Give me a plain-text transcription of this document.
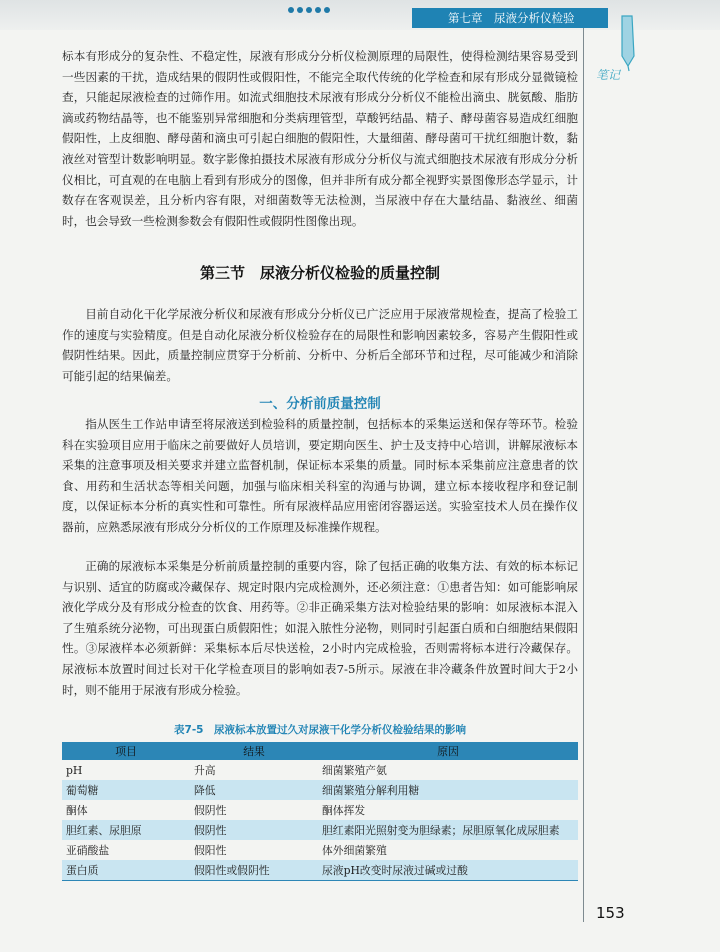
第七章　尿液分析仪检验
笔记

标本有形成分的复杂性、不稳定性，尿液有形成分分析仪检测原理的局限性，使得检测结果容易受到一些因素的干扰，造成结果的假阴性或假阳性，不能完全取代传统的化学检查和尿有形成分显微镜检查，只能起尿液检查的过筛作用。如流式细胞技术尿液有形成分分析仪不能检出滴虫、胱氨酸、脂肪滴或药物结晶等，也不能鉴别异常细胞和分类病理管型，草酸钙结晶、精子、酵母菌容易造成红细胞假阳性，上皮细胞、酵母菌和滴虫可引起白细胞的假阳性，大量细菌、酵母菌可干扰红细胞计数，黏液丝对管型计数影响明显。数字影像拍摄技术尿液有形成分分析仪与流式细胞技术尿液有形成分分析仪相比，可直观的在电脑上看到有形成分的图像，但并非所有成分都全视野实景图像形态学显示，计数存在客观误差，且分析内容有限，对细菌数等无法检测，当尿液中存在大量结晶、黏液丝、细菌时，也会导致一些检测参数会有假阳性或假阴性图像出现。

第三节　尿液分析仪检验的质量控制

目前自动化干化学尿液分析仪和尿液有形成分分析仪已广泛应用于尿液常规检查，提高了检验工作的速度与实验精度。但是自动化尿液分析仪检验存在的局限性和影响因素较多，容易产生假阳性或假阴性结果。因此，质量控制应贯穿于分析前、分析中、分析后全部环节和过程，尽可能减少和消除可能引起的结果偏差。

一、分析前质量控制

指从医生工作站申请至将尿液送到检验科的质量控制，包括标本的采集运送和保存等环节。检验科在实验项目应用于临床之前要做好人员培训，要定期向医生、护士及支持中心培训，讲解尿液标本采集的注意事项及相关要求并建立监督机制，保证标本采集的质量。同时标本采集前应注意患者的饮食、用药和生活状态等相关问题，加强与临床相关科室的沟通与协调，建立标本接收程序和登记制度，以保证标本分析的真实性和可靠性。所有尿液样品应用密闭容器运送。实验室技术人员在操作仪器前，应熟悉尿液有形成分分析仪的工作原理及标准操作规程。

正确的尿液标本采集是分析前质量控制的重要内容，除了包括正确的收集方法、有效的标本标记与识别、适宜的防腐或冷藏保存、规定时限内完成检测外，还必须注意：①患者告知：如可能影响尿液化学成分及有形成分检查的饮食、用药等。②非正确采集方法对检验结果的影响：如尿液标本混入了生殖系统分泌物，可出现蛋白质假阳性；如混入脓性分泌物，则同时引起蛋白质和白细胞结果假阳性。③尿液样本必须新鲜：采集标本后尽快送检，2小时内完成检验，否则需将标本进行冷藏保存。尿液标本放置时间过长对干化学检查项目的影响如表7-5所示。尿液在非冷藏条件放置时间大于2小时，则不能用于尿液有形成分检验。

表7-5　尿液标本放置过久对尿液干化学分析仪检验结果的影响

项目	结果	原因
pH	升高	细菌繁殖产氨
葡萄糖	降低	细菌繁殖分解利用糖
酮体	假阴性	酮体挥发
胆红素、尿胆原	假阴性	胆红素阳光照射变为胆绿素；尿胆原氧化成尿胆素
亚硝酸盐	假阳性	体外细菌繁殖
蛋白质	假阳性或假阴性	尿液pH改变时尿液过碱或过酸
153
